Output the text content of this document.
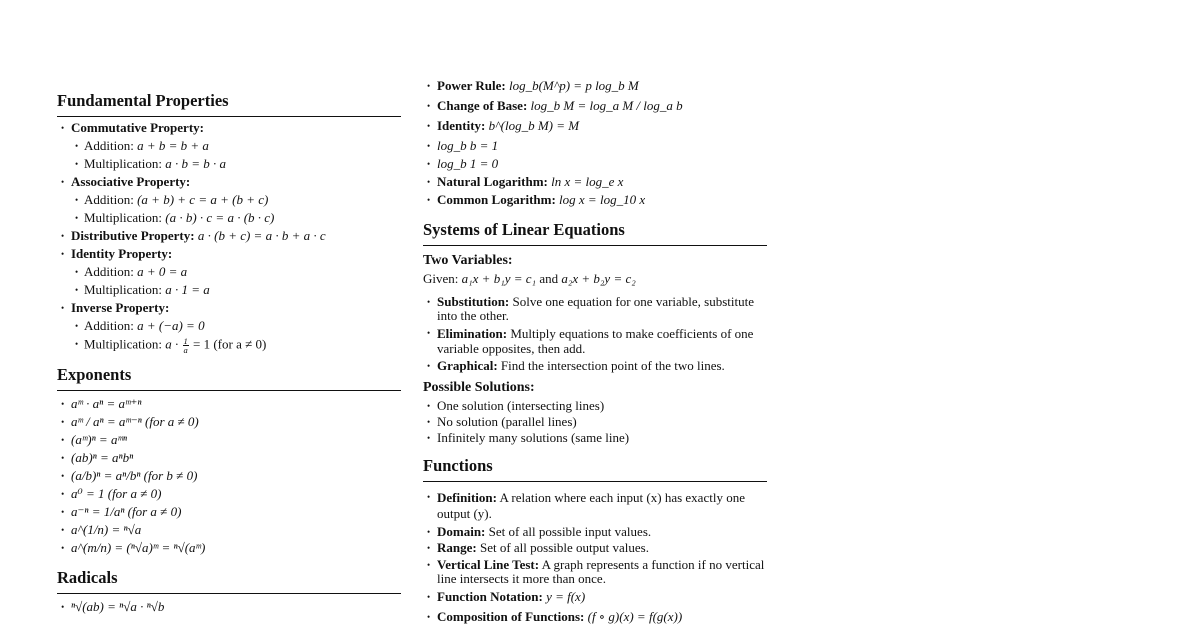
Fundamental Properties
• Commutative Property:
• Addition: a + b = b + a
• Multiplication: a · b = b · a
• Associative Property:
• Addition: (a + b) + c = a + (b + c)
• Multiplication: (a · b) · c = a · (b · c)
• Distributive Property: a · (b + c) = a · b + a · c
• Identity Property:
• Addition: a + 0 = a
• Multiplication: a · 1 = a
• Inverse Property:
• Addition: a + (−a) = 0
• Multiplication: $a \cdot \frac{1}{a} = 1$ (for a ≠ 0)
Exponents
• aᵐ · aⁿ = aᵐ⁺ⁿ
• aᵐ / aⁿ = aᵐ⁻ⁿ (for a ≠ 0)
• (aᵐ)ⁿ = aᵐⁿ
• (ab)ⁿ = aⁿbⁿ
• (a/b)ⁿ = aⁿ/bⁿ (for b ≠ 0)
• a⁰ = 1 (for a ≠ 0)
• a⁻ⁿ = 1/aⁿ (for a ≠ 0)
• a^(1/n) = ⁿ√a
• a^(m/n) = (ⁿ√a)ᵐ = ⁿ√(aᵐ)
Radicals
• ⁿ√(ab) = ⁿ√a · ⁿ√b
• Power Rule: log_b(M^p) = p log_b M
• Change of Base: log_b M = log_a M / log_a b
• Identity: b^(log_b M) = M
• log_b b = 1
• log_b 1 = 0
• Natural Logarithm: ln x = log_e x
• Common Logarithm: log x = log_10 x
Systems of Linear Equations
Two Variables:

Given: a₁x + b₁y = c₁ and a₂x + b₂y = c₂

• Substitution: Solve one equation for one variable, substitute into the other.
• Elimination: Multiply equations to make coefficients of one variable opposites, then add.
• Graphical: Find the intersection point of the two lines.
Possible Solutions:
• One solution (intersecting lines)
• No solution (parallel lines)
• Infinitely many solutions (same line)
Functions
• Definition: A relation where each input (x) has exactly one output (y).
• Domain: Set of all possible input values.
• Range: Set of all possible output values.
• Vertical Line Test: A graph represents a function if no vertical line intersects it more than once.
• Function Notation: y = f(x)
• Composition of Functions: (f ∘ g)(x) = f(g(x))
